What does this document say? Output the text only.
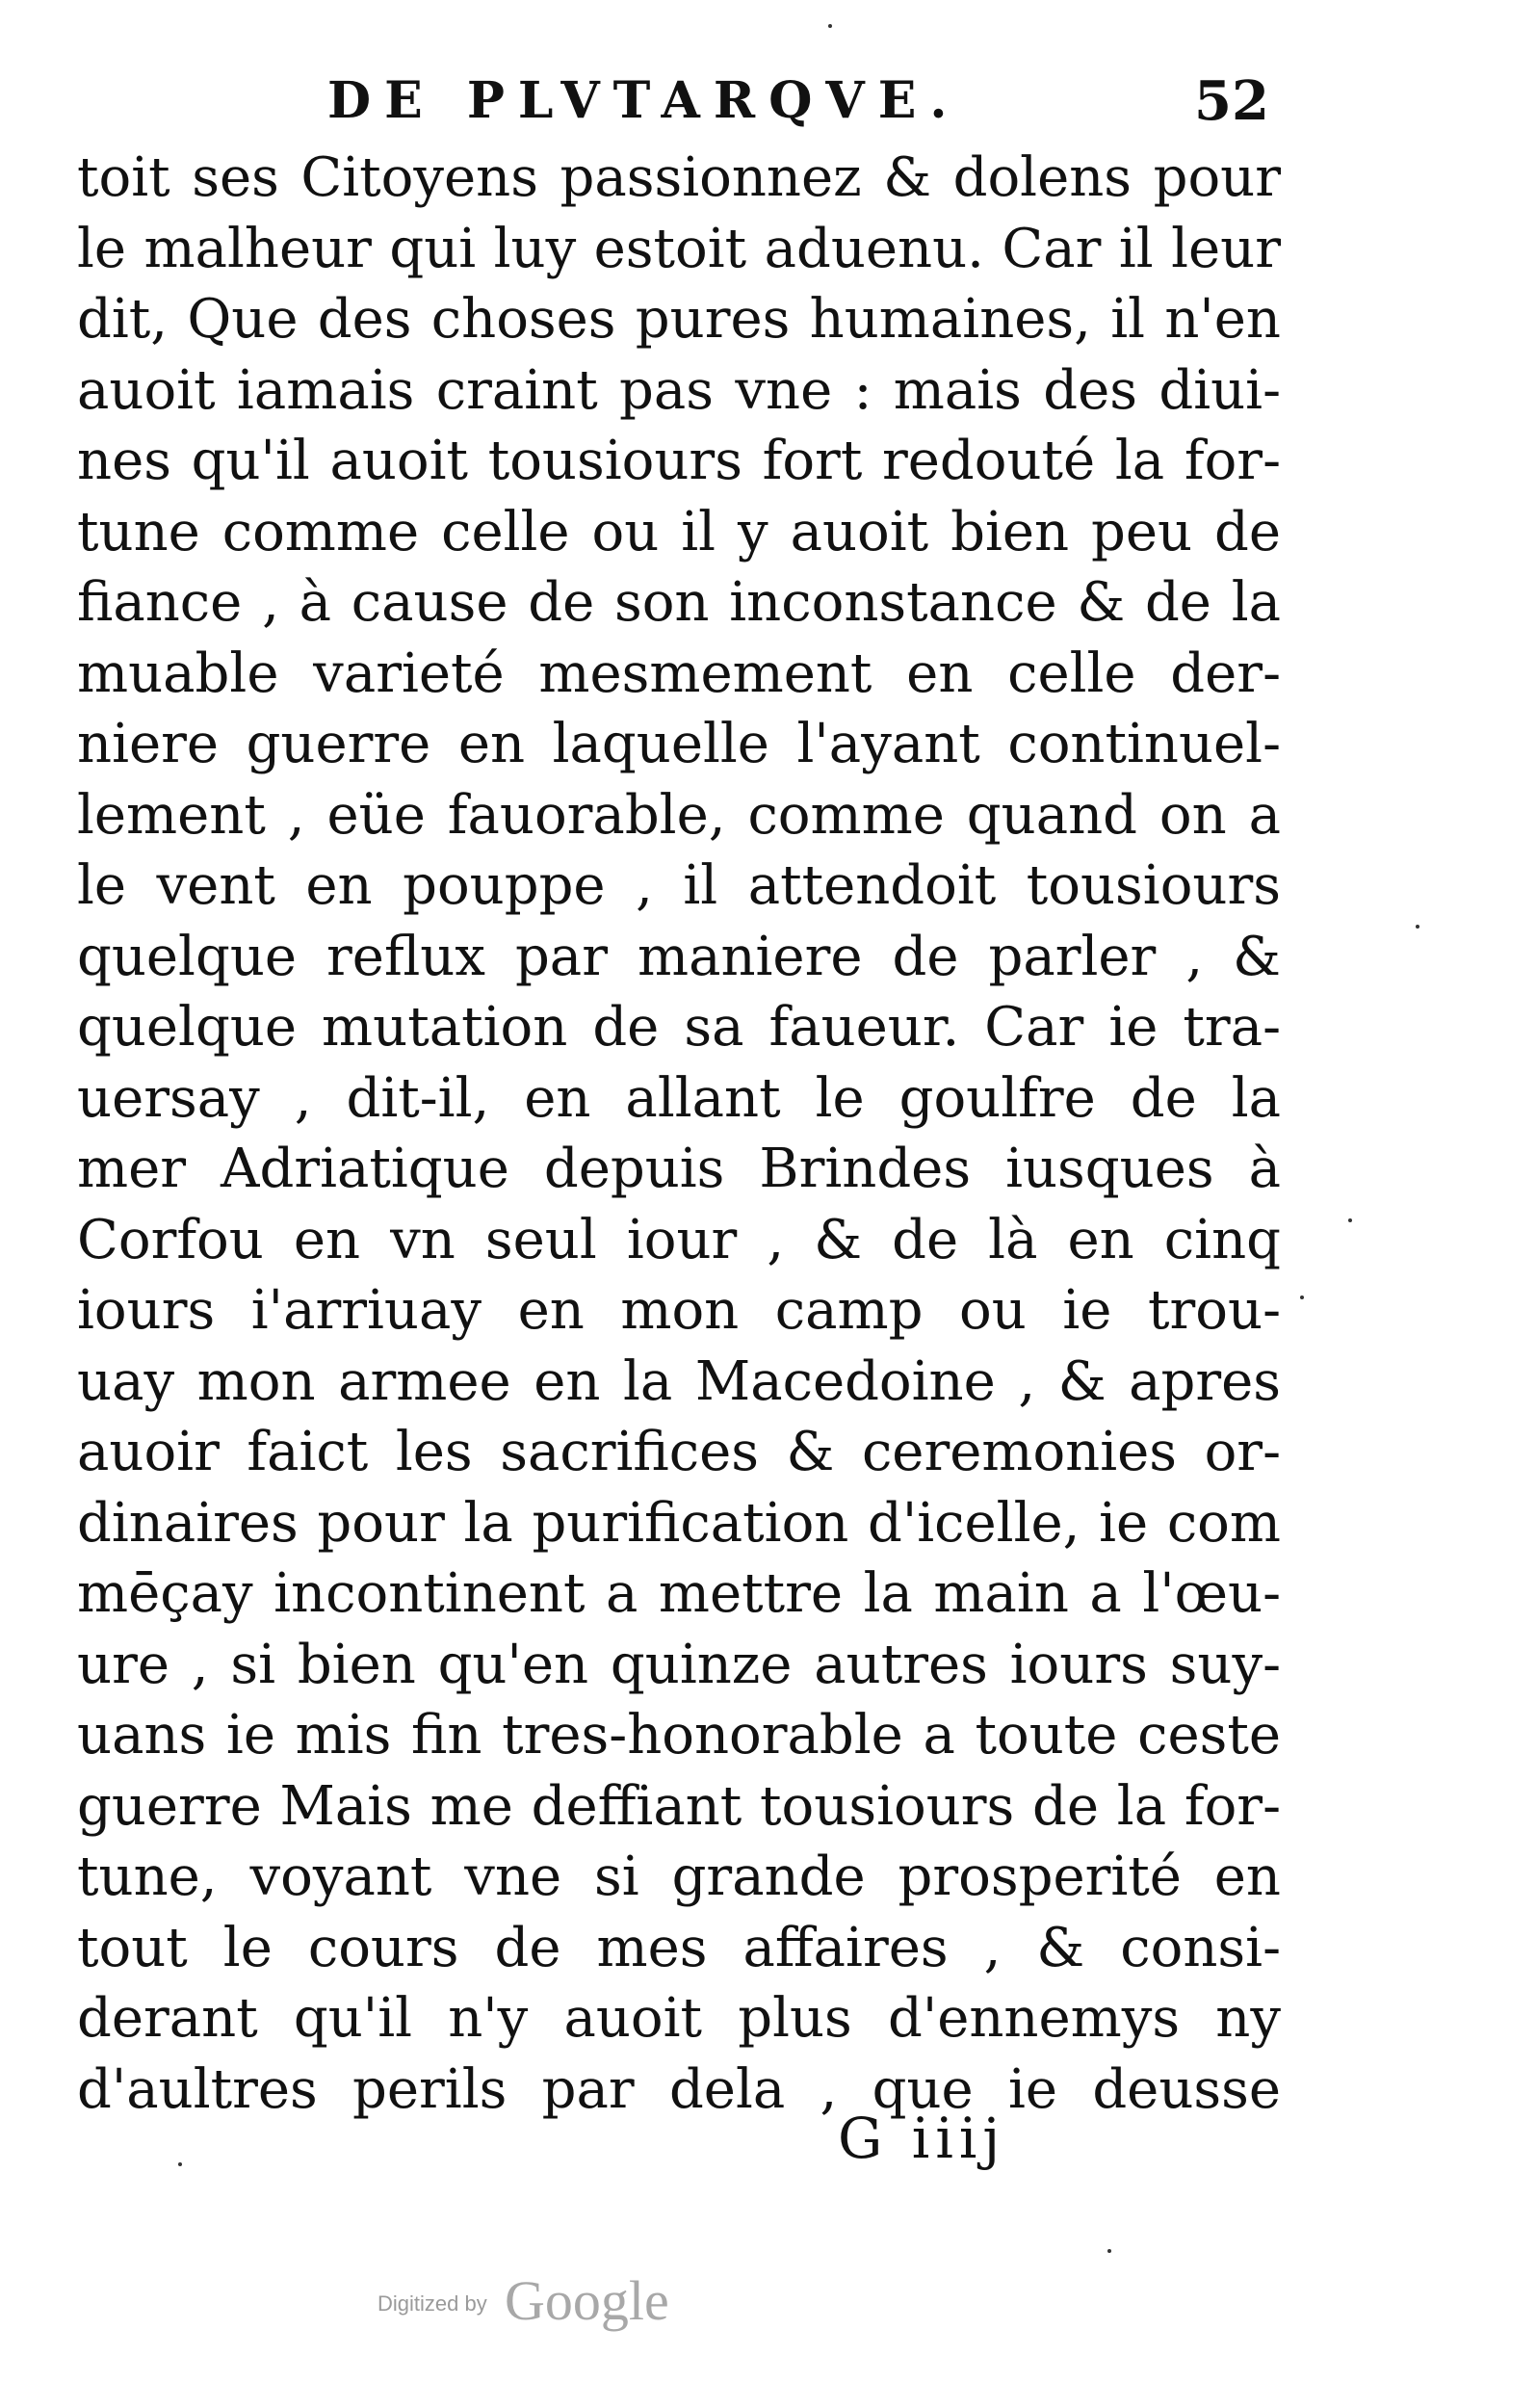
DE PLVTARQVE.	52
toit ses Citoyens passionnez & dolens pour
le malheur qui luy estoit aduenu. Car il leur
dit, Que des choses pures humaines, il n'en
auoit iamais craint pas vne : mais des diui-
nes qu'il auoit tousiours fort redouté la for-
tune comme celle ou il y auoit bien peu de
fiance , à cause de son inconstance & de la
muable varieté mesmement en celle der-
niere guerre en laquelle l'ayant continuel-
lement , eüe fauorable, comme quand on a
le vent en pouppe , il attendoit tousiours
quelque reflux par maniere de parler , &
quelque mutation de sa faueur. Car ie tra-
uersay , dit-il, en allant le goulfre de la
mer Adriatique depuis Brindes iusques à
Corfou en vn seul iour , & de là en cinq
iours i'arriuay en mon camp ou ie trou-
uay mon armee en la Macedoine , & apres
auoir faict les sacrifices & ceremonies or-
dinaires pour la purification d'icelle, ie com
mēçay incontinent a mettre la main a l'œu-
ure , si bien qu'en quinze autres iours suy-
uans ie mis fin tres-honorable a toute ceste
guerre Mais me deffiant tousiours de la for-
tune, voyant vne si grande prosperité en
tout le cours de mes affaires , & consi-
derant qu'il n'y auoit plus d'ennemys ny
d'aultres perils par dela , que ie deusse
G iiij
Digitized by Google
